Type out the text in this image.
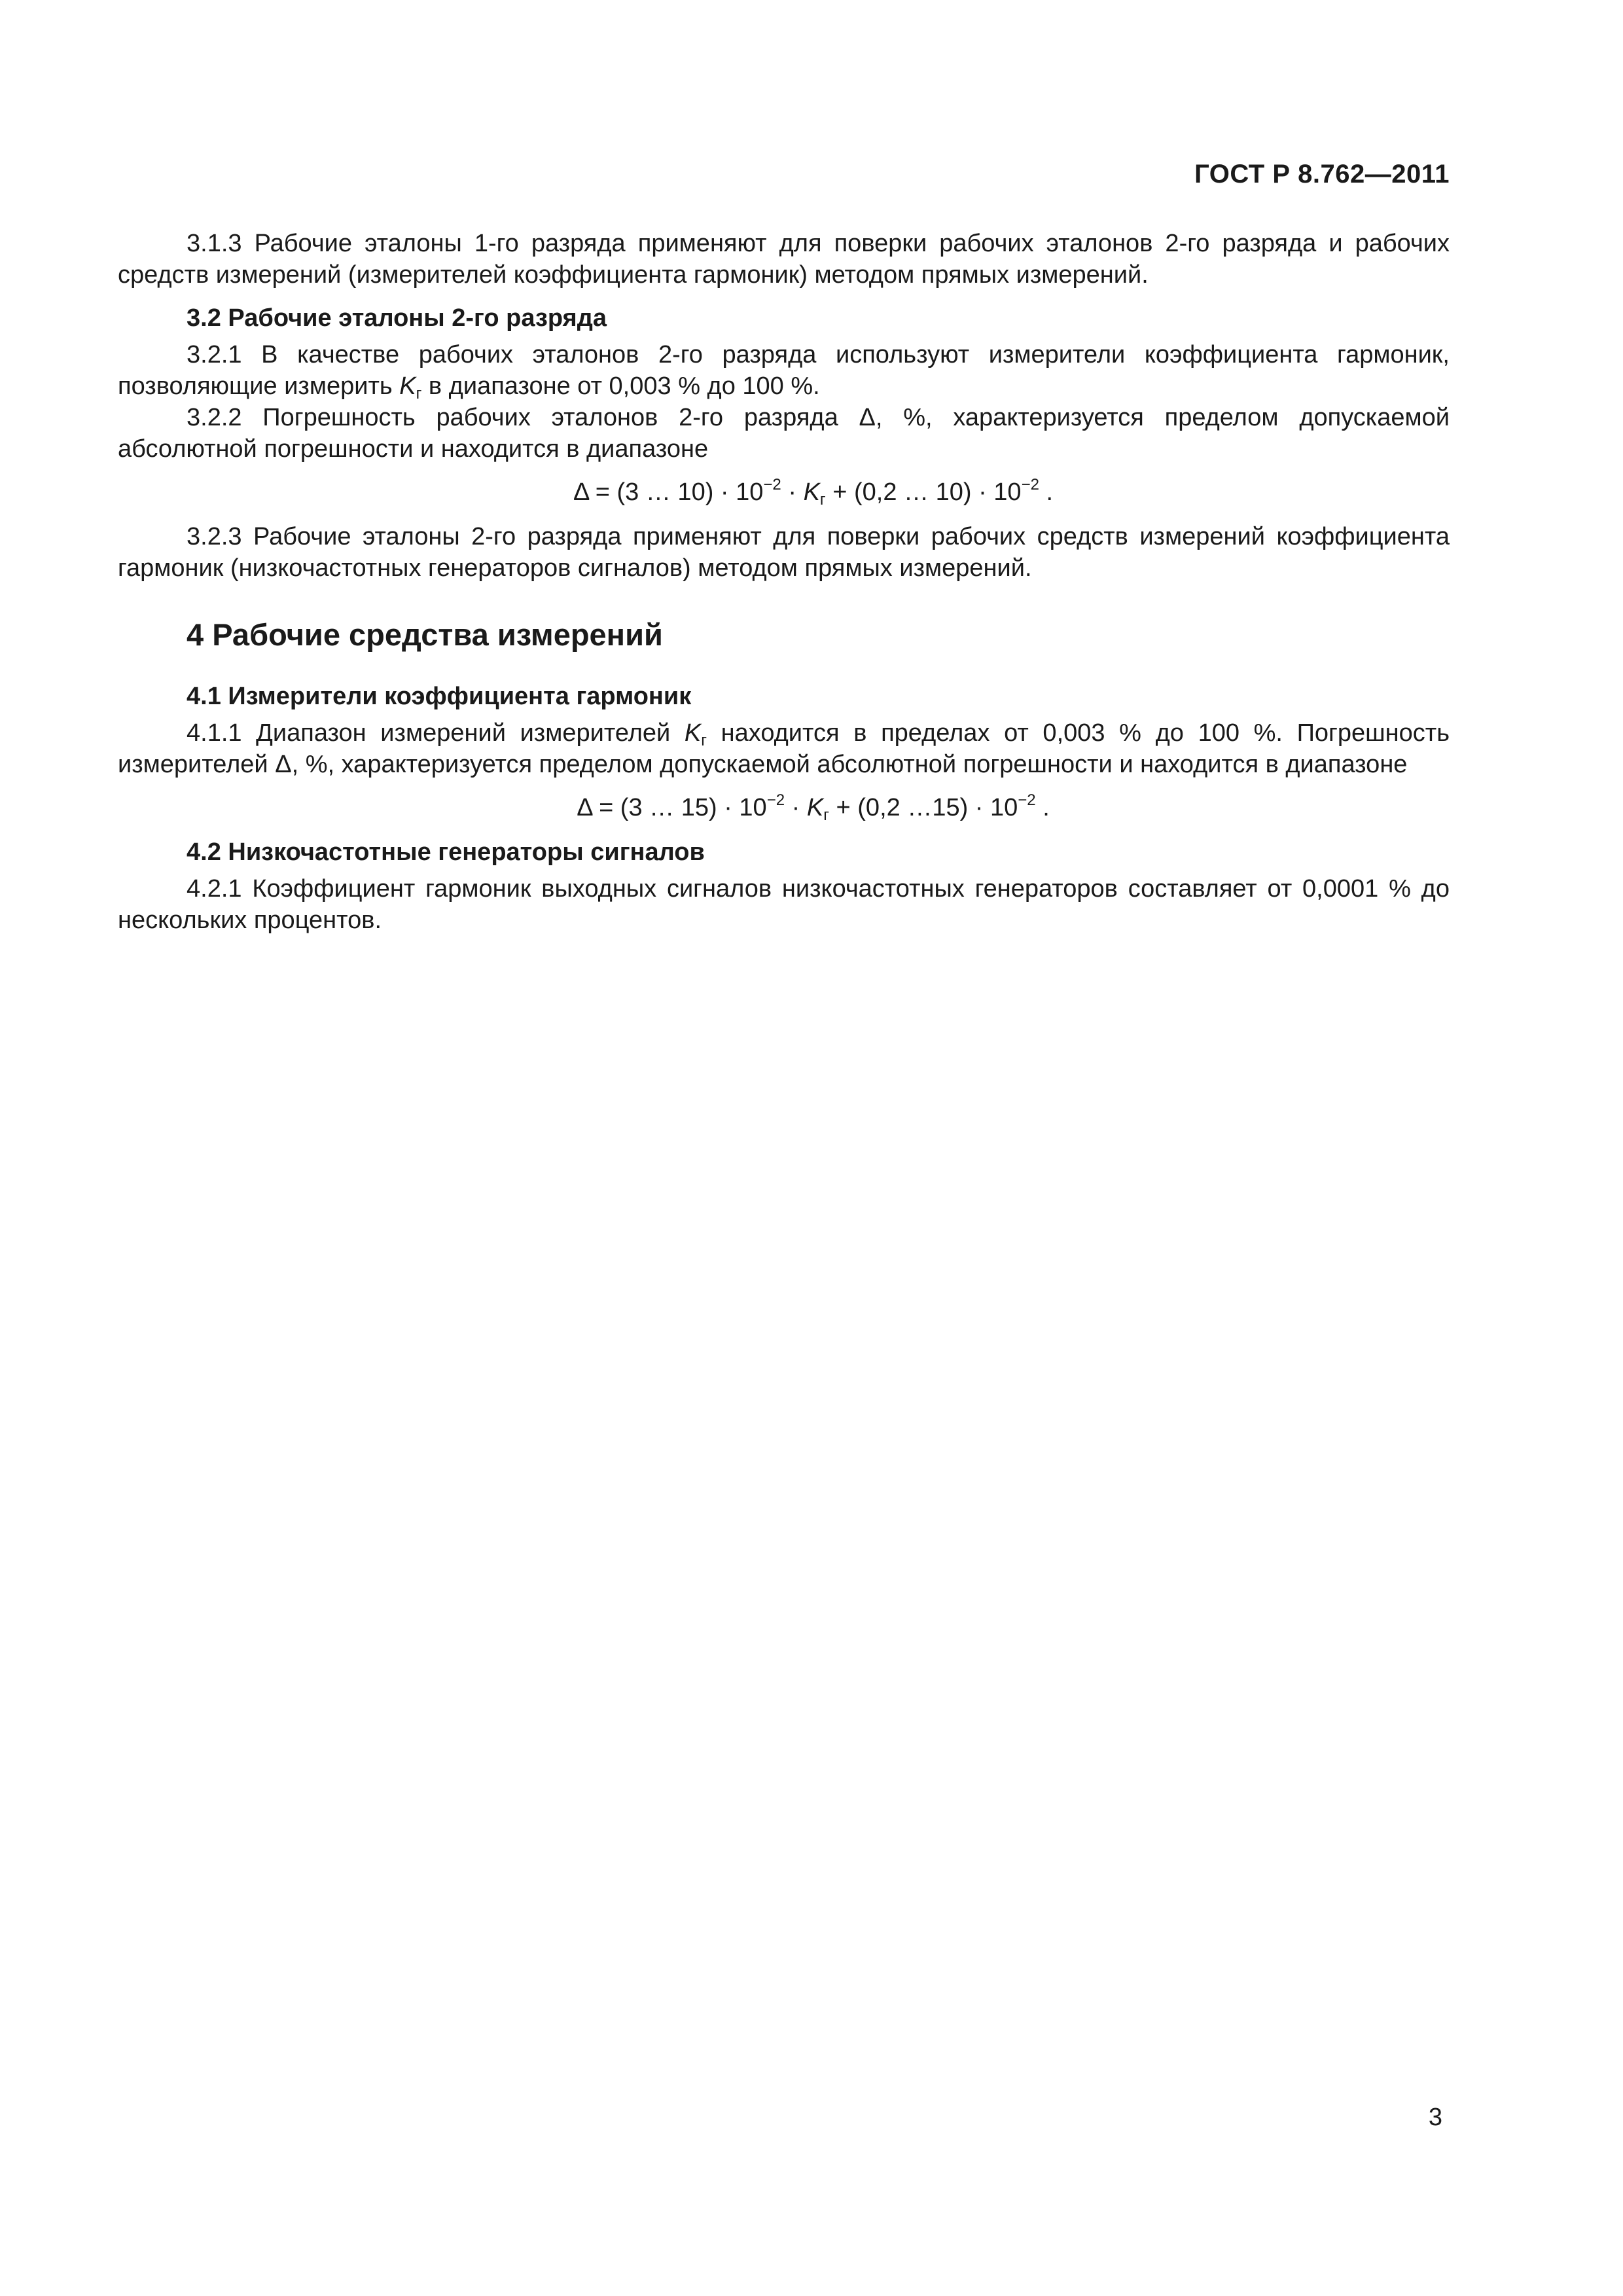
ГОСТ Р 8.762—2011

3.1.3 Рабочие эталоны 1-го разряда применяют для поверки рабочих эталонов 2-го разряда и рабочих средств измерений (измерителей коэффициента гармоник) методом прямых измерений.

3.2 Рабочие эталоны 2-го разряда

3.2.1 В качестве рабочих эталонов 2-го разряда используют измерители коэффициента гармоник, позволяющие измерить $K_г$ в диапазоне от 0,003 % до 100 %.

3.2.2 Погрешность рабочих эталонов 2-го разряда Δ, %, характеризуется пределом допускаемой абсолютной погрешности и находится в диапазоне

Δ = (3 … $10) \cdot 10^{-2} \cdot K_г + (0,2$ … $10) \cdot 10^{-2}$ .

3.2.3 Рабочие эталоны 2-го разряда применяют для поверки рабочих средств измерений коэффициента гармоник (низкочастотных генераторов сигналов) методом прямых измерений.

4 Рабочие средства измерений
4.1 Измерители коэффициента гармоник

4.1.1 Диапазон измерений измерителей $K_г$ находится в пределах от 0,003 % до 100 %. Погрешность измерителей Δ, %, характеризуется пределом допускаемой абсолютной погрешности и находится в диапазоне

Δ = (3 … $15) \cdot 10^{-2} \cdot K_г + (0,2$ …15) · $10^{-2}$ .
4.2 Низкочастотные генераторы сигналов

4.2.1 Коэффициент гармоник выходных сигналов низкочастотных генераторов составляет от 0,0001 % до нескольких процентов.

3
